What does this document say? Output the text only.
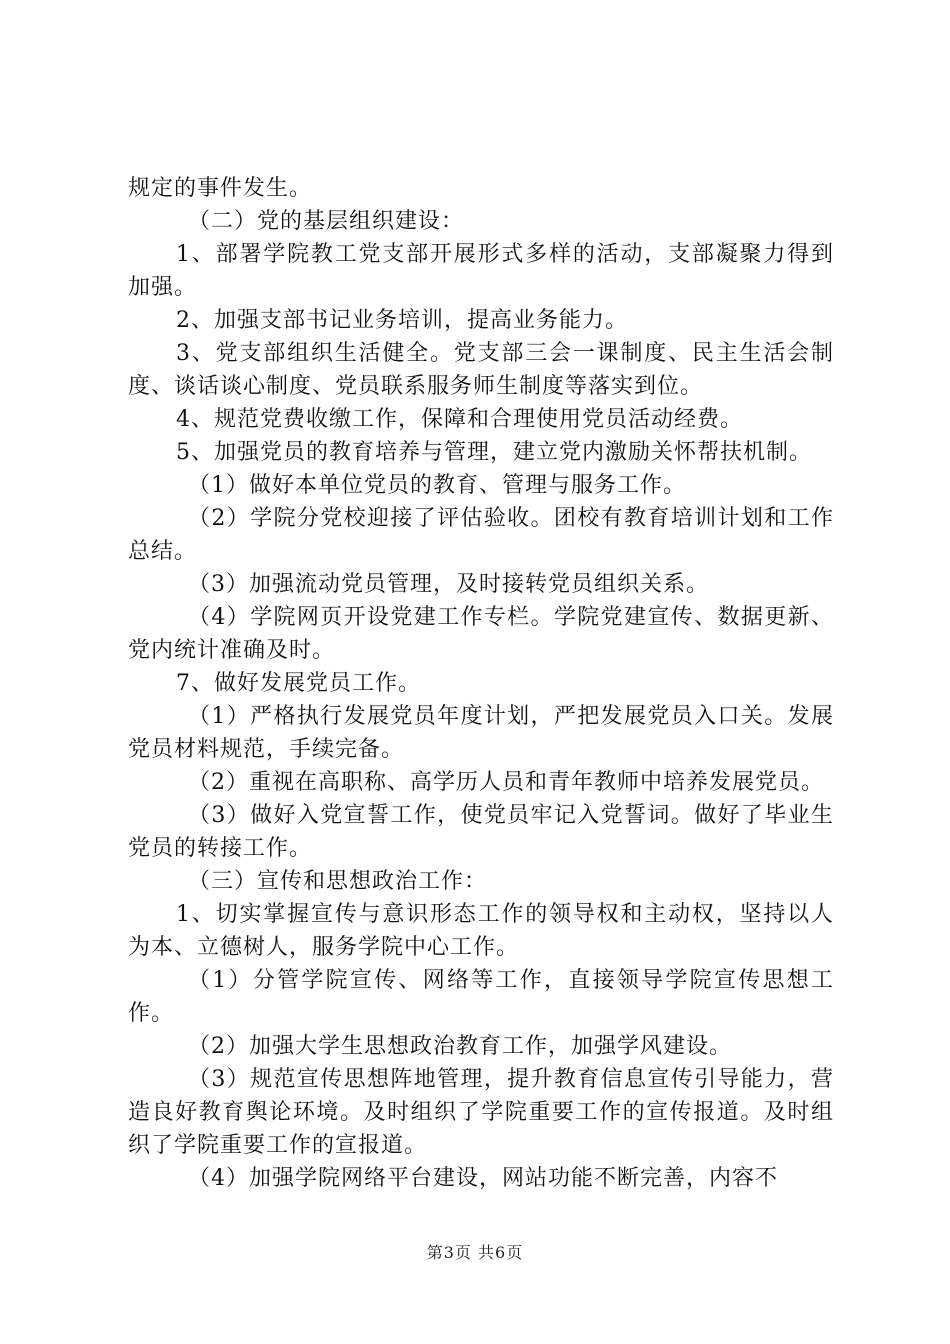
规定的事件发生。

（二）党的基层组织建设：

1、部署学院教工党支部开展形式多样的活动，支部凝聚力得到加强。

2、加强支部书记业务培训，提高业务能力。

3、党支部组织生活健全。党支部三会一课制度、民主生活会制度、谈话谈心制度、党员联系服务师生制度等落实到位。

4、规范党费收缴工作，保障和合理使用党员活动经费。

5、加强党员的教育培养与管理，建立党内激励关怀帮扶机制。

（1）做好本单位党员的教育、管理与服务工作。

（2）学院分党校迎接了评估验收。团校有教育培训计划和工作总结。

（3）加强流动党员管理，及时接转党员组织关系。

（4）学院网页开设党建工作专栏。学院党建宣传、数据更新、党内统计准确及时。

7、做好发展党员工作。

（1）严格执行发展党员年度计划，严把发展党员入口关。发展党员材料规范，手续完备。

（2）重视在高职称、高学历人员和青年教师中培养发展党员。

（3）做好入党宣誓工作，使党员牢记入党誓词。做好了毕业生党员的转接工作。

（三）宣传和思想政治工作：

1、切实掌握宣传与意识形态工作的领导权和主动权，坚持以人为本、立德树人，服务学院中心工作。

（1）分管学院宣传、网络等工作，直接领导学院宣传思想工作。

（2）加强大学生思想政治教育工作，加强学风建设。

（3）规范宣传思想阵地管理，提升教育信息宣传引导能力，营造良好教育舆论环境。及时组织了学院重要工作的宣传报道。及时组织了学院重要工作的宣报道。

（4）加强学院网络平台建设，网站功能不断完善，内容不

第3页 共6页
